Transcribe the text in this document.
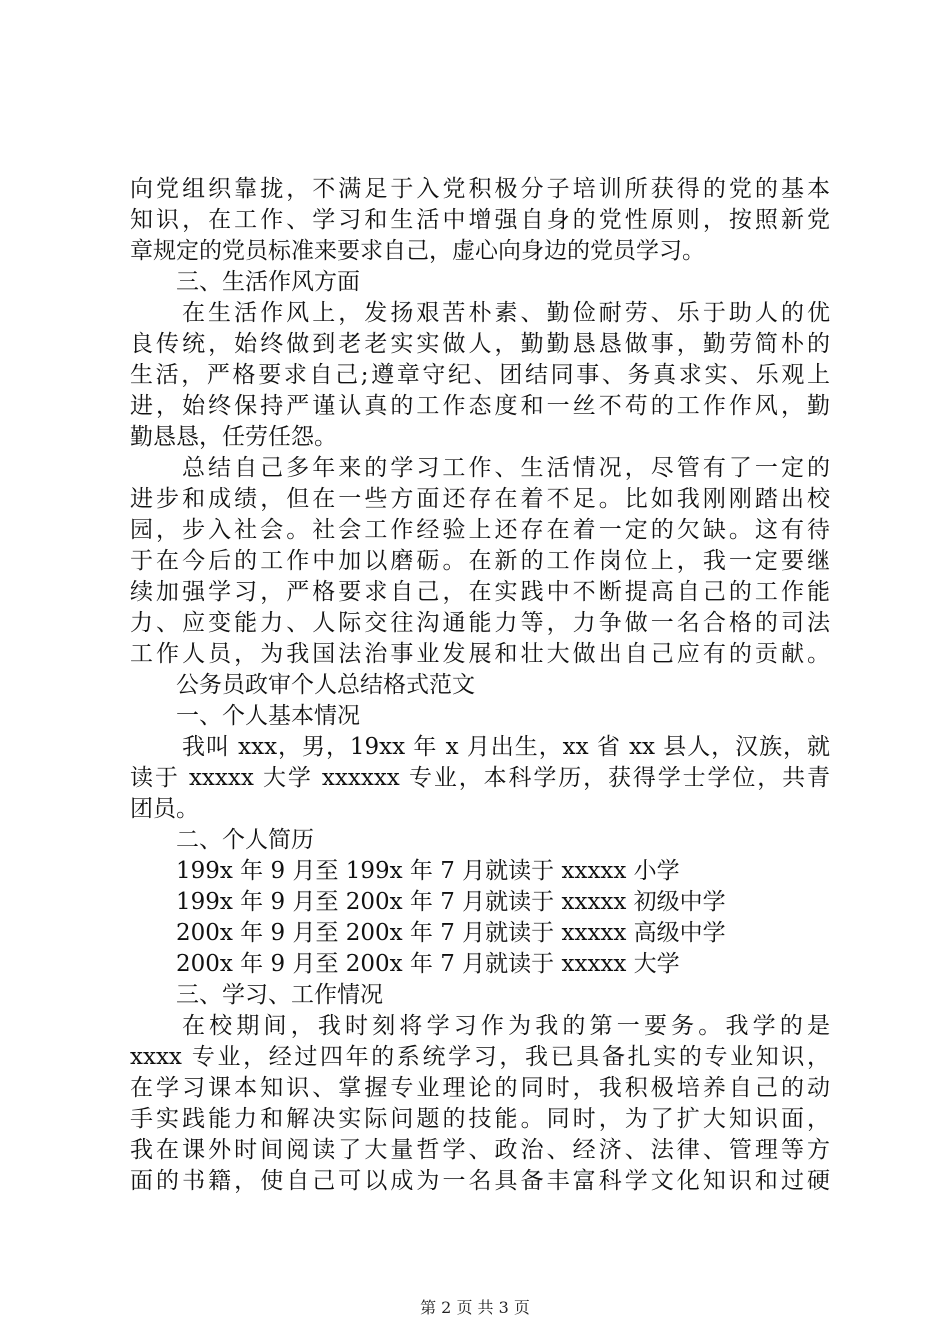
向党组织靠拢，不满足于入党积极分子培训所获得的党的基本
知识，在工作、学习和生活中增强自身的党性原则，按照新党
章规定的党员标准来要求自己，虚心向身边的党员学习。
三、生活作风方面
在生活作风上，发扬艰苦朴素、勤俭耐劳、乐于助人的优
良传统，始终做到老老实实做人，勤勤恳恳做事，勤劳简朴的
生活，严格要求自己;遵章守纪、团结同事、务真求实、乐观上
进，始终保持严谨认真的工作态度和一丝不苟的工作作风，勤
勤恳恳，任劳任怨。
总结自己多年来的学习工作、生活情况，尽管有了一定的
进步和成绩，但在一些方面还存在着不足。比如我刚刚踏出校
园，步入社会。社会工作经验上还存在着一定的欠缺。这有待
于在今后的工作中加以磨砺。在新的工作岗位上，我一定要继
续加强学习，严格要求自己，在实践中不断提高自己的工作能
力、应变能力、人际交往沟通能力等，力争做一名合格的司法
工作人员，为我国法治事业发展和壮大做出自己应有的贡献。
公务员政审个人总结格式范文
一、个人基本情况
我叫 xxx，男，19xx 年 x 月出生，xx 省 xx 县人，汉族，就
读于 xxxxx 大学 xxxxxx 专业，本科学历，获得学士学位，共青
团员。
二、个人简历
199x 年 9 月至 199x 年 7 月就读于 xxxxx 小学
199x 年 9 月至 200x 年 7 月就读于 xxxxx 初级中学
200x 年 9 月至 200x 年 7 月就读于 xxxxx 高级中学
200x 年 9 月至 200x 年 7 月就读于 xxxxx 大学
三、学习、工作情况
在校期间，我时刻将学习作为我的第一要务。我学的是
xxxx 专业，经过四年的系统学习，我已具备扎实的专业知识，
在学习课本知识、掌握专业理论的同时，我积极培养自己的动
手实践能力和解决实际问题的技能。同时，为了扩大知识面，
我在课外时间阅读了大量哲学、政治、经济、法律、管理等方
面的书籍，使自己可以成为一名具备丰富科学文化知识和过硬
第 2 页 共 3 页
